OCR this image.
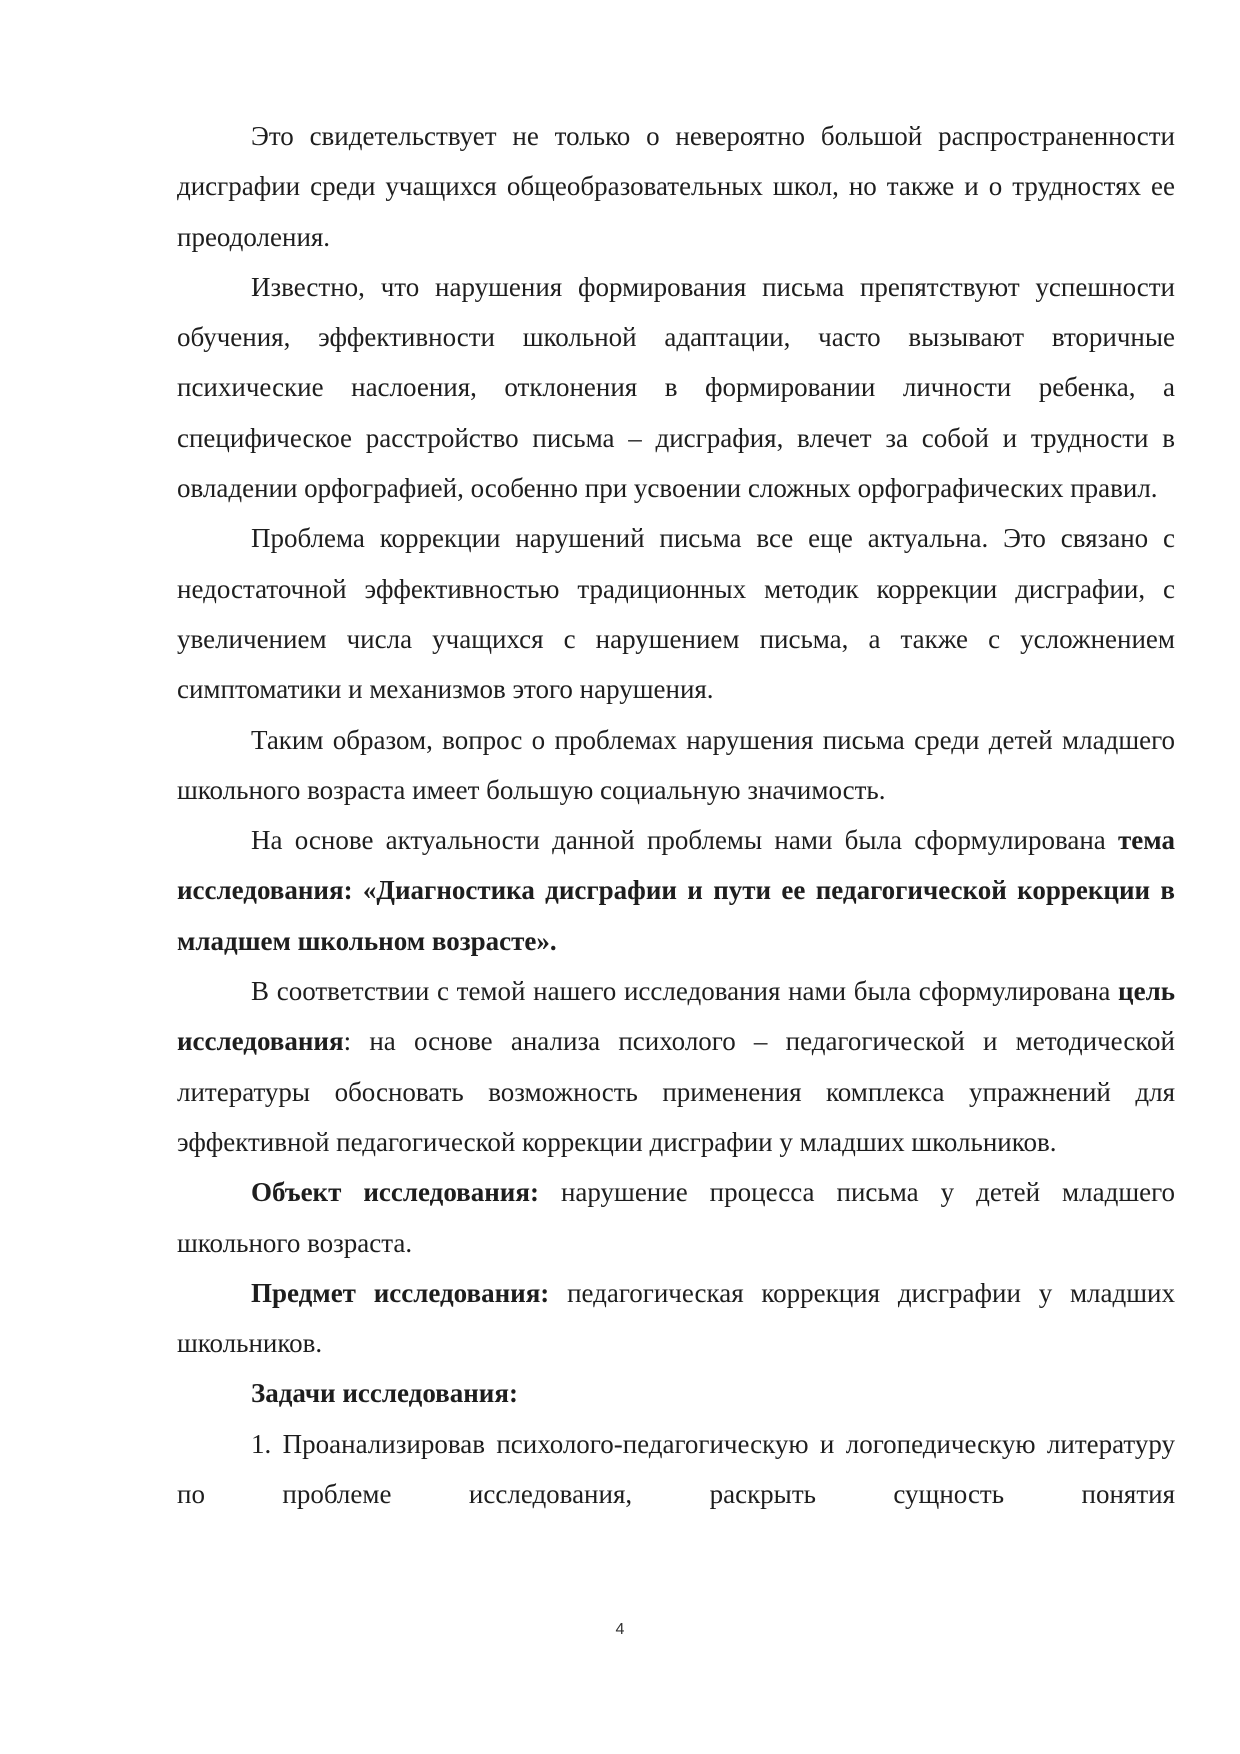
Это свидетельствует не только о невероятно большой распространенности дисграфии среди учащихся общеобразовательных школ, но также и о трудностях ее преодоления.

Известно, что нарушения формирования письма препятствуют успешности обучения, эффективности школьной адаптации, часто вызывают вторичные психические наслоения, отклонения в формировании личности ребенка, а специфическое расстройство письма – дисграфия, влечет за собой и трудности в овладении орфографией, особенно при усвоении сложных орфографических правил.

Проблема коррекции нарушений письма все еще актуальна. Это связано с недостаточной эффективностью традиционных методик коррекции дисграфии, с увеличением числа учащихся с нарушением письма, а также с усложнением симптоматики и механизмов этого нарушения.

Таким образом, вопрос о проблемах нарушения письма среди детей младшего школьного возраста имеет большую социальную значимость.

На основе актуальности данной проблемы нами была сформулирована тема исследования: «Диагностика дисграфии и пути ее педагогической коррекции в младшем школьном возрасте».

В соответствии с темой нашего исследования нами была сформулирована цель исследования: на основе анализа психолого – педагогической и методической литературы обосновать возможность применения комплекса упражнений для эффективной педагогической коррекции дисграфии у младших школьников.

Объект исследования: нарушение процесса письма у детей младшего школьного возраста.

Предмет исследования: педагогическая коррекция дисграфии у младших школьников.

Задачи исследования:

1. Проанализировав психолого-педагогическую и логопедическую литературу по проблеме исследования, раскрыть сущность понятия

4
